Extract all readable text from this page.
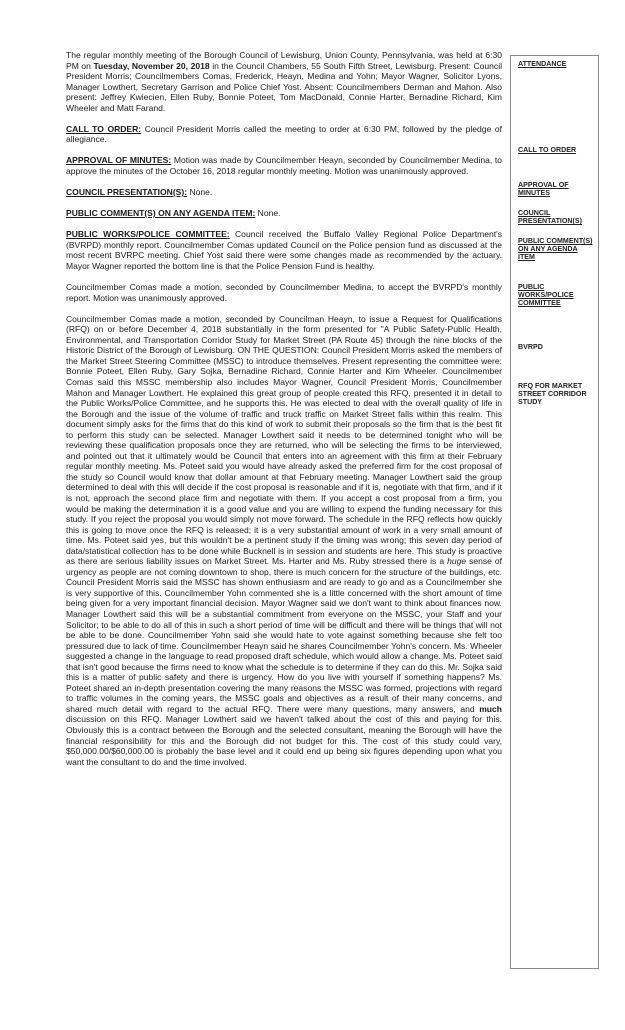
The regular monthly meeting of the Borough Council of Lewisburg, Union County, Pennsylvania, was held at 6:30 PM on Tuesday, November 20, 2018 in the Council Chambers, 55 South Fifth Street, Lewisburg. Present: Council President Morris; Councilmembers Comas, Frederick, Heayn, Medina and Yohn; Mayor Wagner, Solicitor Lyons, Manager Lowthert, Secretary Garrison and Police Chief Yost. Absent: Councilmembers Derman and Mahon. Also present: Jeffrey Kwiecien, Ellen Ruby, Bonnie Poteet, Tom MacDonald, Connie Harter, Bernadine Richard, Kim Wheeler and Matt Farand.

CALL TO ORDER: Council President Morris called the meeting to order at 6:30 PM, followed by the pledge of allegiance.

APPROVAL OF MINUTES: Motion was made by Councilmember Heayn, seconded by Councilmember Medina, to approve the minutes of the October 16, 2018 regular monthly meeting. Motion was unanimously approved.

COUNCIL PRESENTATION(S): None.

PUBLIC COMMENT(S) ON ANY AGENDA ITEM: None.

PUBLIC WORKS/POLICE COMMITTEE: Council received the Buffalo Valley Regional Police Department's (BVRPD) monthly report. Councilmember Comas updated Council on the Police pension fund as discussed at the most recent BVRPC meeting. Chief Yost said there were some changes made as recommended by the actuary. Mayor Wagner reported the bottom line is that the Police Pension Fund is healthy.

Councilmember Comas made a motion, seconded by Councilmember Medina, to accept the BVRPD's monthly report. Motion was unanimously approved.

Councilmember Comas made a motion, seconded by Councilman Heayn, to issue a Request for Qualifications (RFQ) on or before December 4, 2018 substantially in the form presented for "A Public Safety-Public Health, Environmental, and Transportation Corridor Study for Market Street (PA Route 45) through the nine blocks of the Historic District of the Borough of Lewisburg. ON THE QUESTION: Council President Morris asked the members of the Market Street Steering Committee (MSSC) to introduce themselves. Present representing the committee were: Bonnie Poteet, Ellen Ruby, Gary Sojka, Bernadine Richard, Connie Harter and Kim Wheeler. Councilmember Comas said this MSSC membership also includes Mayor Wagner, Council President Morris, Councilmember Mahon and Manager Lowthert. He explained this great group of people created this RFQ, presented it in detail to the Public Works/Police Committee, and he supports this. He was elected to deal with the overall quality of life in the Borough and the issue of the volume of traffic and truck traffic on Market Street falls within this realm. This document simply asks for the firms that do this kind of work to submit their proposals so the firm that is the best fit to perform this study can be selected. Manager Lowthert said it needs to be determined tonight who will be reviewing these qualification proposals once they are returned, who will be selecting the firms to be interviewed, and pointed out that it ultimately would be Council that enters into an agreement with this firm at their February regular monthly meeting. Ms. Poteet said you would have already asked the preferred firm for the cost proposal of the study so Council would know that dollar amount at that February meeting. Manager Lowthert said the group determined to deal with this will decide if the cost proposal is reasonable and if it is, negotiate with that firm, and if it is not, approach the second place firm and negotiate with them. If you accept a cost proposal from a firm, you would be making the determination it is a good value and you are willing to expend the funding necessary for this study. If you reject the proposal you would simply not move forward. The schedule in the RFQ reflects how quickly this is going to move once the RFQ is released; it is a very substantial amount of work in a very small amount of time. Ms. Poteet said yes, but this wouldn't be a pertinent study if the timing was wrong; this seven day period of data/statistical collection has to be done while Bucknell is in session and students are here. This study is proactive as there are serious liability issues on Market Street. Ms. Harter and Ms. Ruby stressed there is a huge sense of urgency as people are not coming downtown to shop, there is much concern for the structure of the buildings, etc. Council President Morris said the MSSC has shown enthusiasm and are ready to go and as a Councilmember she is very supportive of this. Councilmember Yohn commented she is a little concerned with the short amount of time being given for a very important financial decision. Mayor Wagner said we don't want to think about finances now. Manager Lowthert said this will be a substantial commitment from everyone on the MSSC, your Staff and your Solicitor; to be able to do all of this in such a short period of time will be difficult and there will be things that will not be able to be done. Councilmember Yohn said she would hate to vote against something because she felt too pressured due to lack of time. Councilmember Heayn said he shares Councilmember Yohn's concern. Ms. Wheeler suggested a change in the language to read proposed draft schedule, which would allow a change. Ms. Poteet said that isn't good because the firms need to know what the schedule is to determine if they can do this. Mr. Sojka said this is a matter of public safety and there is urgency. How do you live with yourself if something happens? Ms. Poteet shared an in-depth presentation covering the many reasons the MSSC was formed, projections with regard to traffic volumes in the coming years, the MSSC goals and objectives as a result of their many concerns, and shared much detail with regard to the actual RFQ. There were many questions, many answers, and much discussion on this RFQ. Manager Lowthert said we haven't talked about the cost of this and paying for this. Obviously this is a contract between the Borough and the selected consultant, meaning the Borough will have the financial responsibility for this and the Borough did not budget for this. The cost of this study could vary, $50,000.00/$60,000.00 is probably the base level and it could end up being six figures depending upon what you want the consultant to do and the time involved.

ATTENDANCE
CALL TO ORDER
APPROVAL OF MINUTES
COUNCIL PRESENTATION(S)
PUBLIC COMMENT(S) ON ANY AGENDA ITEM
PUBLIC WORKS/POLICE COMMITTEE
BVRPD
RFQ FOR MARKET STREET CORRIDOR STUDY
